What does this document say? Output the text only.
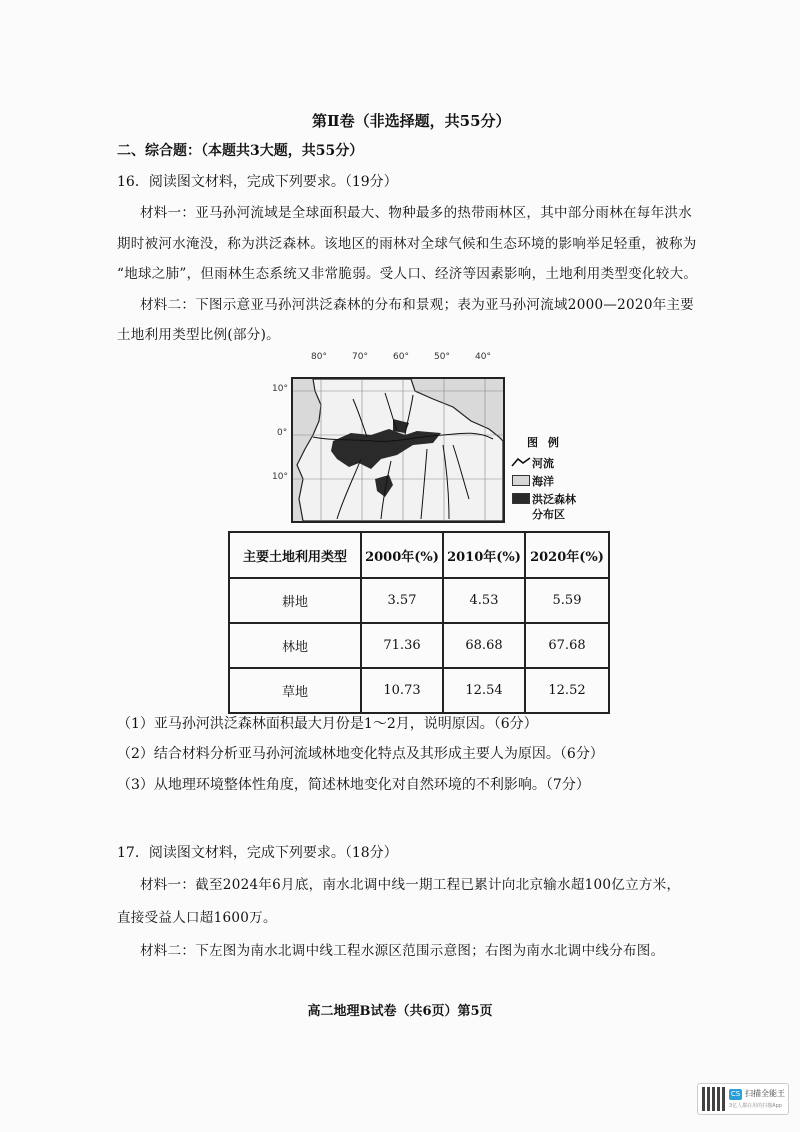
第Ⅱ卷（非选择题，共55分）
二、综合题：（本题共3大题，共55分）
16．阅读图文材料，完成下列要求。（19分）
材料一：亚马孙河流域是全球面积最大、物种最多的热带雨林区，其中部分雨林在每年洪水
期时被河水淹没，称为洪泛森林。该地区的雨林对全球气候和生态环境的影响举足轻重，被称为
“地球之肺”，但雨林生态系统又非常脆弱。受人口、经济等因素影响，土地利用类型变化较大。
材料二：下图示意亚马孙河洪泛森林的分布和景观；表为亚马孙河流域2000—2020年主要
土地利用类型比例(部分)。
80°	70°	60°	50°	40°
10°
0°
10°
图 例
河流
海洋
洪泛森林
分布区
主要土地利用类型	2000年(%)	2010年(%)	2020年(%)
耕地	3.57	4.53	5.59
林地	71.36	68.68	67.68
草地	10.73	12.54	12.52
（1）亚马孙河洪泛森林面积最大月份是1～2月，说明原因。（6分）
（2）结合材料分析亚马孙河流域林地变化特点及其形成主要人为原因。（6分）
（3）从地理环境整体性角度，简述林地变化对自然环境的不利影响。（7分）
17．阅读图文材料，完成下列要求。（18分）
材料一：截至2024年6月底，南水北调中线一期工程已累计向北京输水超100亿立方米，
直接受益人口超1600万。
材料二：下左图为南水北调中线工程水源区范围示意图；右图为南水北调中线分布图。
高二地理B试卷（共6页）第5页
CS 扫描全能王
3亿人都在用的扫描App
